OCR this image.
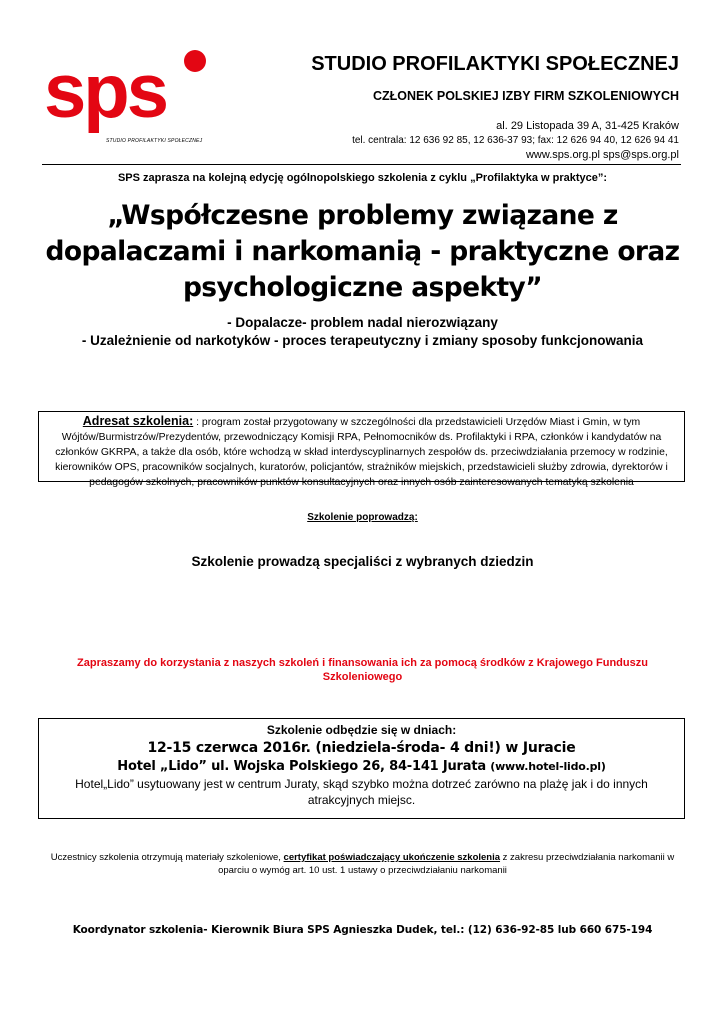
sps
STUDIO PROFILAKTYKI SPOŁECZNEJ
STUDIO PROFILAKTYKI SPOŁECZNEJ
CZŁONEK POLSKIEJ IZBY FIRM SZKOLENIOWYCH
al. 29 Listopada 39 A, 31-425 Kraków
tel. centrala: 12 636 92 85, 12 636-37 93; fax: 12 626 94 40, 12 626 94 41
www.sps.org.pl sps@sps.org.pl
SPS zaprasza na kolejną edycję ogólnopolskiego szkolenia z cyklu „Profilaktyka w praktyce”:
„Współczesne problemy związane z dopalaczami i narkomanią - praktyczne oraz psychologiczne aspekty”
- Dopalacze- problem nadal nierozwiązany
- Uzależnienie od narkotyków - proces terapeutyczny i zmiany sposoby funkcjonowania
Adresat szkolenia: : program został przygotowany w szczególności dla przedstawicieli Urzędów Miast i Gmin, w tym Wójtów/Burmistrzów/Prezydentów, przewodniczący Komisji RPA, Pełnomocników ds. Profilaktyki i RPA, członków i kandydatów na członków GKRPA, a także dla osób, które wchodzą w skład interdyscyplinarnych zespołów ds. przeciwdziałania przemocy w rodzinie, kierowników OPS, pracowników socjalnych, kuratorów, policjantów, strażników miejskich, przedstawicieli służby zdrowia, dyrektorów i pedagogów szkolnych, pracowników punktów konsultacyjnych oraz innych osób zainteresowanych tematyką szkolenia
Szkolenie poprowadzą:
Szkolenie prowadzą specjaliści z wybranych dziedzin
Zapraszamy do korzystania z naszych szkoleń i finansowania ich za pomocą środków z Krajowego Funduszu Szkoleniowego
Szkolenie odbędzie się w dniach:
12-15 czerwca 2016r. (niedziela-środa- 4 dni!) w Juracie
Hotel „Lido” ul. Wojska Polskiego 26, 84-141 Jurata (www.hotel-lido.pl)
Hotel„Lido” usytuowany jest w centrum Juraty, skąd szybko można dotrzeć zarówno na plażę jak i do innych atrakcyjnych miejsc.
Uczestnicy szkolenia otrzymują materiały szkoleniowe, certyfikat poświadczający ukończenie szkolenia z zakresu przeciwdziałania narkomanii w oparciu o wymóg art. 10 ust. 1 ustawy o przeciwdziałaniu narkomanii
Koordynator szkolenia- Kierownik Biura SPS Agnieszka Dudek, tel.: (12) 636-92-85 lub 660 675-194
